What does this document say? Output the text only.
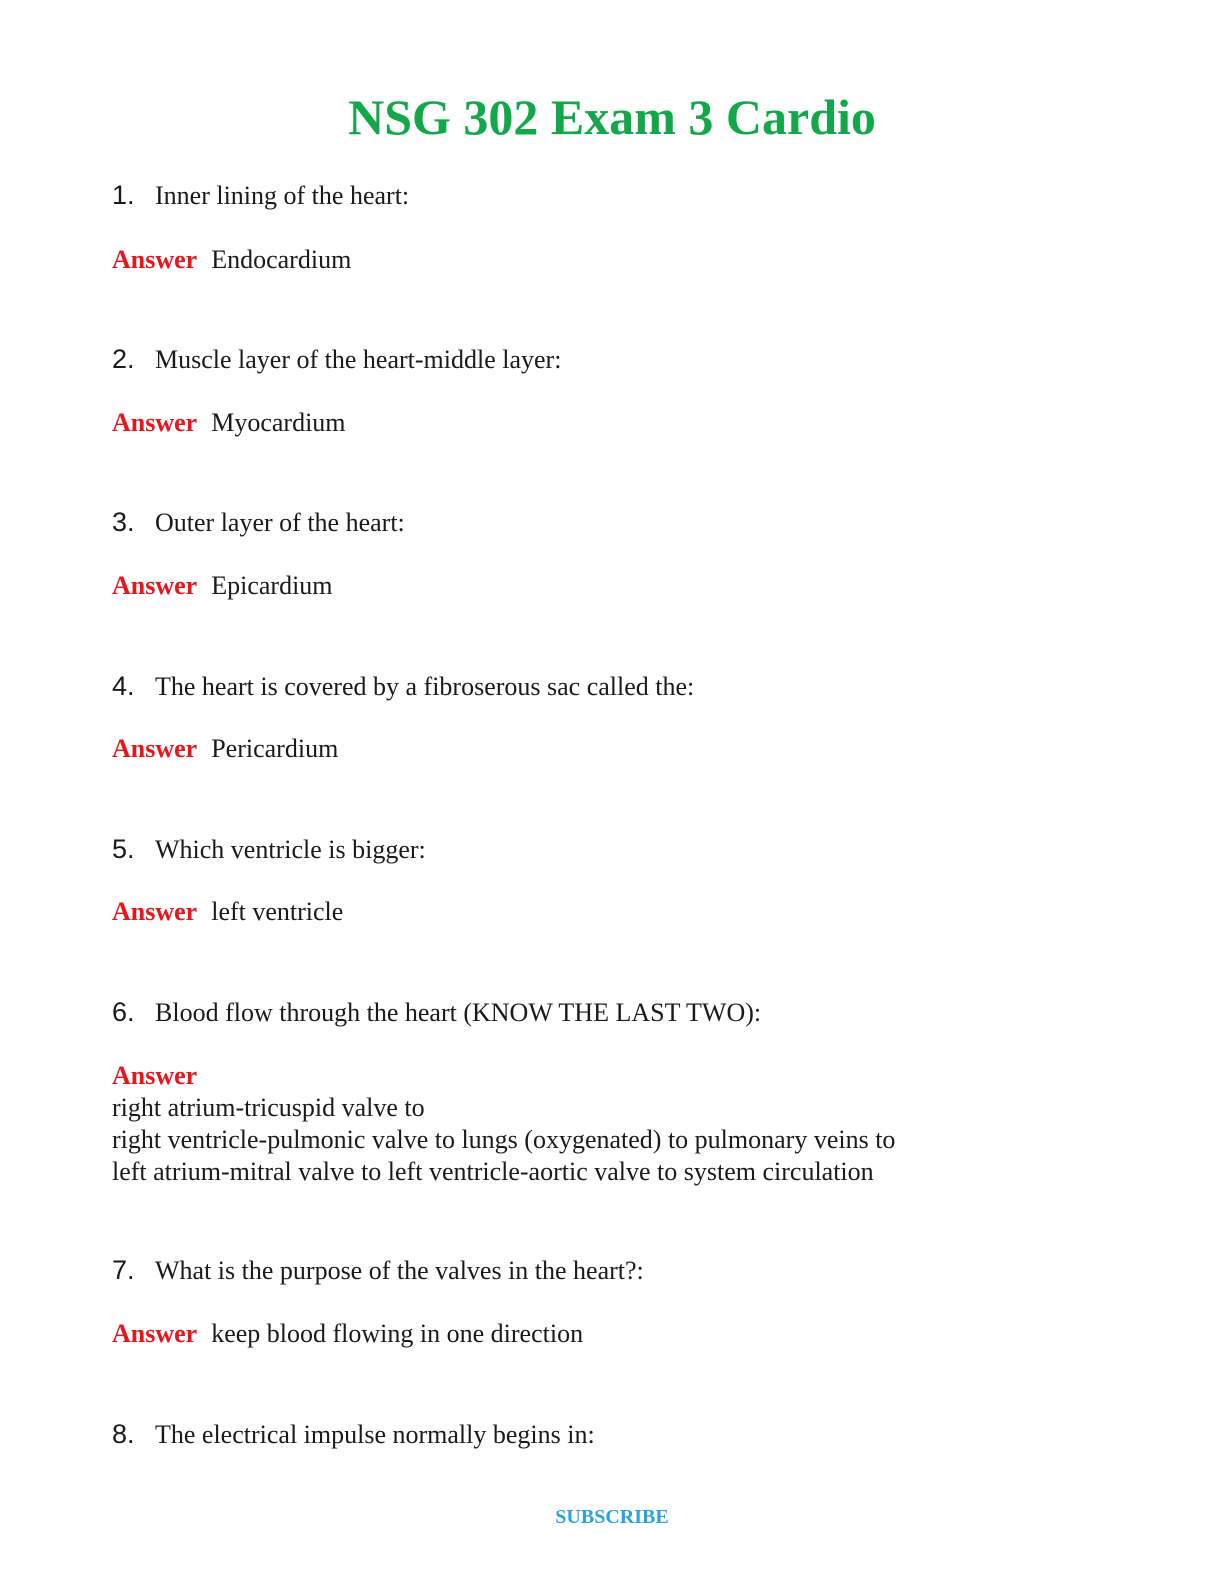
NSG 302 Exam 3 Cardio
1. Inner lining of the heart:
Answer Endocardium
2. Muscle layer of the heart-middle layer:
Answer Myocardium
3. Outer layer of the heart:
Answer Epicardium
4. The heart is covered by a fibroserous sac called the:
Answer Pericardium
5. Which ventricle is bigger:
Answer left ventricle
6. Blood flow through the heart (KNOW THE LAST TWO):
Answer
right atrium-tricuspid valve to
right ventricle-pulmonic valve to lungs (oxygenated) to pulmonary veins to
left atrium-mitral valve to left ventricle-aortic valve to system circulation
7. What is the purpose of the valves in the heart?:
Answer keep blood flowing in one direction
8. The electrical impulse normally begins in:
SUBSCRIBE
